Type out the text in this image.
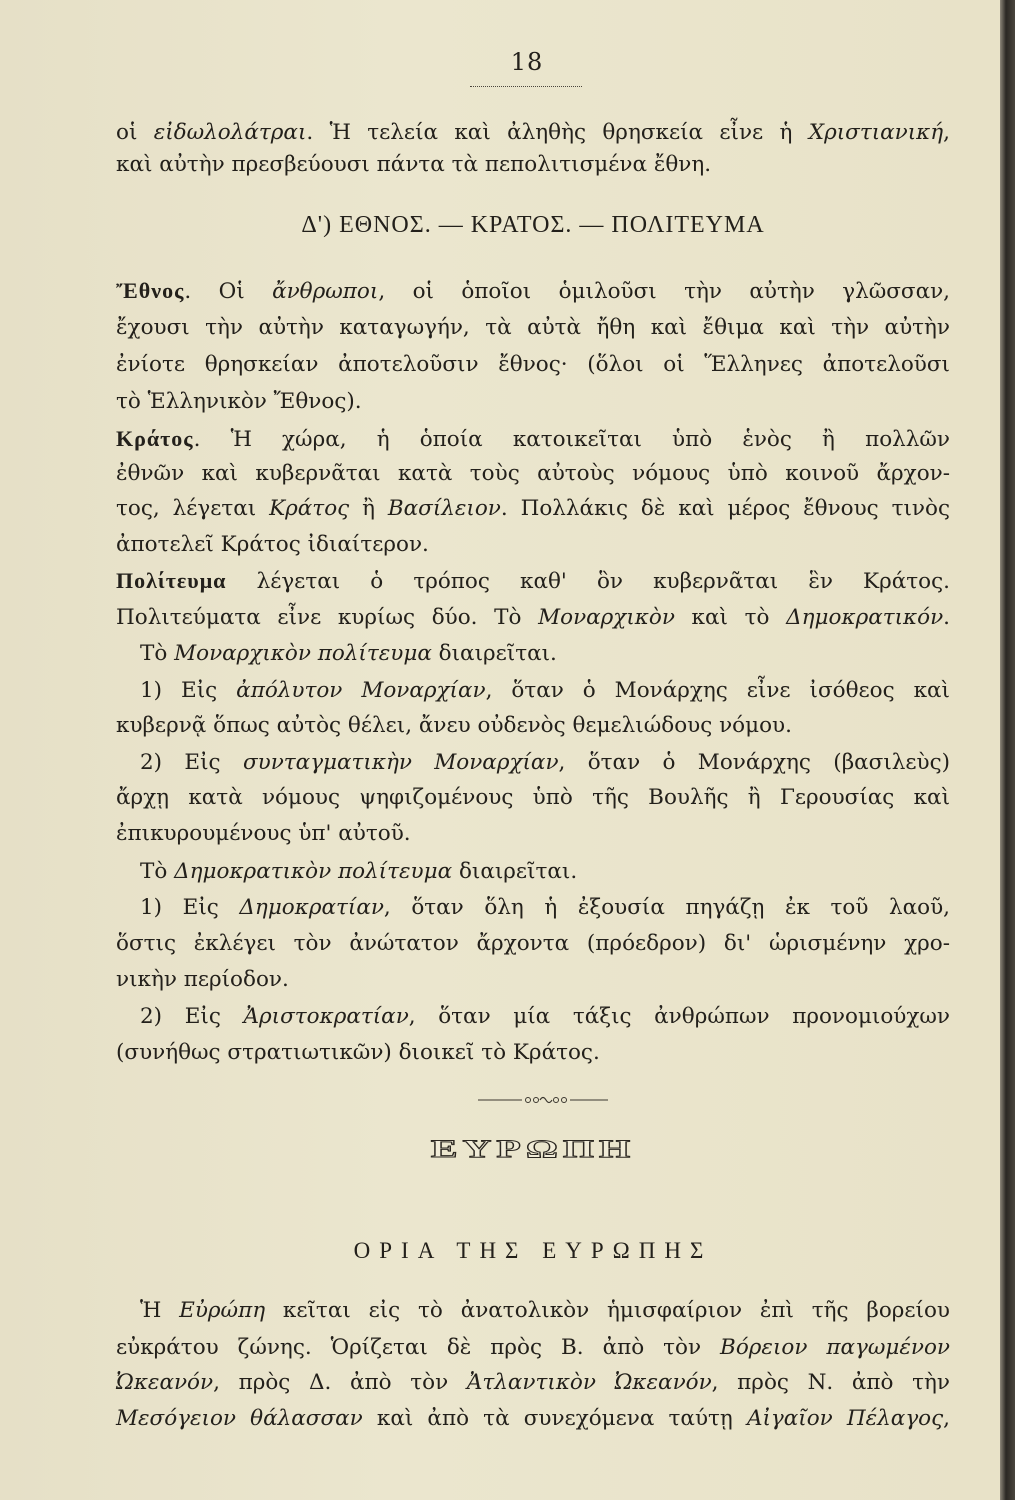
18
οἱ εἰδωλολάτραι. Ἡ τελεία καὶ ἀληθὴς θρησκεία εἶνε ἡ Χριστιανική,
καὶ αὐτὴν πρεσβεύουσι πάντα τὰ πεπολιτισμένα ἔθνη.
Δ') ΕΘΝΟΣ. — ΚΡΑΤΟΣ. — ΠΟΛΙΤΕΥΜΑ
Ἔθνος. Οἱ ἄνθρωποι, οἱ ὁποῖοι ὁμιλοῦσι τὴν αὐτὴν γλῶσσαν,
ἔχουσι τὴν αὐτὴν καταγωγήν, τὰ αὐτὰ ἤθη καὶ ἔθιμα καὶ τὴν αὐτὴν
ἐνίοτε θρησκείαν ἀποτελοῦσιν ἔθνος· (ὅλοι οἱ Ἕλληνες ἀποτελοῦσι
τὸ Ἑλληνικὸν Ἔθνος).
Κράτος. Ἡ χώρα, ἡ ὁποία κατοικεῖται ὑπὸ ἑνὸς ἢ πολλῶν
ἐθνῶν καὶ κυβερνᾶται κατὰ τοὺς αὐτοὺς νόμους ὑπὸ κοινοῦ ἄρχον-
τος, λέγεται Κράτος ἢ Βασίλειον. Πολλάκις δὲ καὶ μέρος ἔθνους τινὸς
ἀποτελεῖ Κράτος ἰδιαίτερον.
Πολίτευμα λέγεται ὁ τρόπος καθ' ὃν κυβερνᾶται ἓν Κράτος.
Πολιτεύματα εἶνε κυρίως δύο. Τὸ Μοναρχικὸν καὶ τὸ Δημοκρατικόν.
Τὸ Μοναρχικὸν πολίτευμα διαιρεῖται.
1) Εἰς ἀπόλυτον Μοναρχίαν, ὅταν ὁ Μονάρχης εἶνε ἰσόθεος καὶ
κυβερνᾷ ὅπως αὐτὸς θέλει, ἄνευ οὐδενὸς θεμελιώδους νόμου.
2) Εἰς συνταγματικὴν Μοναρχίαν, ὅταν ὁ Μονάρχης (βασιλεὺς)
ἄρχῃ κατὰ νόμους ψηφιζομένους ὑπὸ τῆς Βουλῆς ἢ Γερουσίας καὶ
ἐπικυρουμένους ὑπ' αὐτοῦ.
Τὸ Δημοκρατικὸν πολίτευμα διαιρεῖται.
1) Εἰς Δημοκρατίαν, ὅταν ὅλη ἡ ἐξουσία πηγάζῃ ἐκ τοῦ λαοῦ,
ὅστις ἐκλέγει τὸν ἀνώτατον ἄρχοντα (πρόεδρον) δι' ὡρισμένην χρο-
νικὴν περίοδον.
2) Εἰς Ἀριστοκρατίαν, ὅταν μία τάξις ἀνθρώπων προνομιούχων
(συνήθως στρατιωτικῶν) διοικεῖ τὸ Κράτος.
ΕΥΡΩΠΗ
ΟΡΙΑ ΤΗΣ ΕΥΡΩΠΗΣ
Ἡ Εὐρώπη κεῖται εἰς τὸ ἀνατολικὸν ἡμισφαίριον ἐπὶ τῆς βορείου
εὐκράτου ζώνης. Ὁρίζεται δὲ πρὸς Β. ἀπὸ τὸν Βόρειον παγωμένον
Ὠκεανόν, πρὸς Δ. ἀπὸ τὸν Ἀτλαντικὸν Ὠκεανόν, πρὸς Ν. ἀπὸ τὴν
Μεσόγειον θάλασσαν καὶ ἀπὸ τὰ συνεχόμενα ταύτῃ Αἰγαῖον Πέλαγος,
